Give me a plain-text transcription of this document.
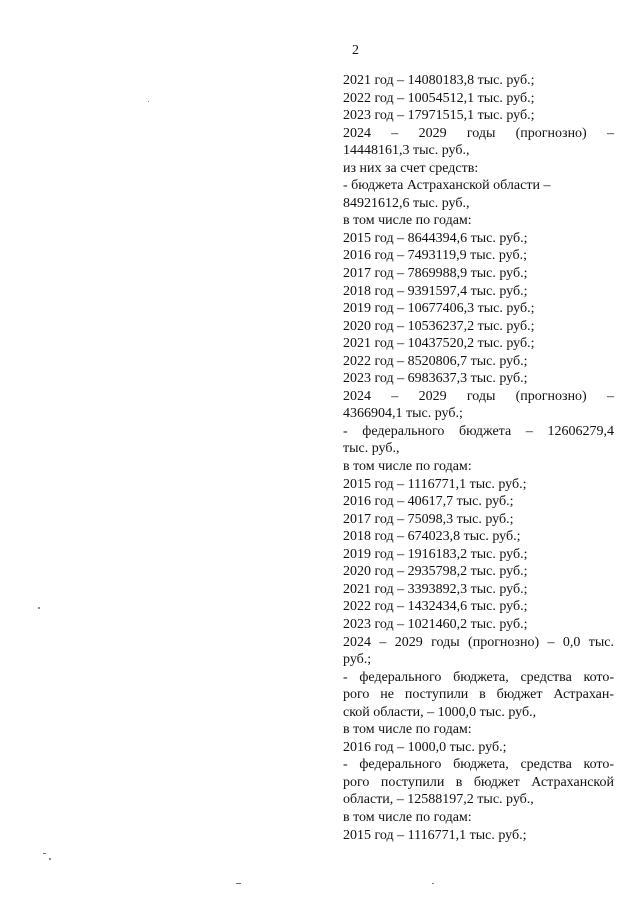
2
2021 год – 14080183,8 тыс. руб.;
2022 год – 10054512,1 тыс. руб.;
2023 год – 17971515,1 тыс. руб.;
2024 – 2029 годы (прогнозно) –
14448161,3 тыс. руб.,
из них за счет средств:
- бюджета Астраханской области –
84921612,6 тыс. руб.,
в том числе по годам:
2015 год – 8644394,6 тыс. руб.;
2016 год – 7493119,9 тыс. руб.;
2017 год – 7869988,9 тыс. руб.;
2018 год – 9391597,4 тыс. руб.;
2019 год – 10677406,3 тыс. руб.;
2020 год – 10536237,2 тыс. руб.;
2021 год – 10437520,2 тыс. руб.;
2022 год – 8520806,7 тыс. руб.;
2023 год – 6983637,3 тыс. руб.;
2024 – 2029 годы (прогнозно) –
4366904,1 тыс. руб.;
- федерального бюджета – 12606279,4
тыс. руб.,
в том числе по годам:
2015 год – 1116771,1 тыс. руб.;
2016 год – 40617,7 тыс. руб.;
2017 год – 75098,3 тыс. руб.;
2018 год – 674023,8 тыс. руб.;
2019 год – 1916183,2 тыс. руб.;
2020 год – 2935798,2 тыс. руб.;
2021 год – 3393892,3 тыс. руб.;
2022 год – 1432434,6 тыс. руб.;
2023 год – 1021460,2 тыс. руб.;
2024 – 2029 годы (прогнозно) – 0,0 тыс.
руб.;
- федерального бюджета, средства кото-
рого не поступили в бюджет Астрахан-
ской области, – 1000,0 тыс. руб.,
в том числе по годам:
2016 год – 1000,0 тыс. руб.;
- федерального бюджета, средства кото-
рого поступили в бюджет Астраханской
области, – 12588197,2 тыс. руб.,
в том числе по годам:
2015 год – 1116771,1 тыс. руб.;
